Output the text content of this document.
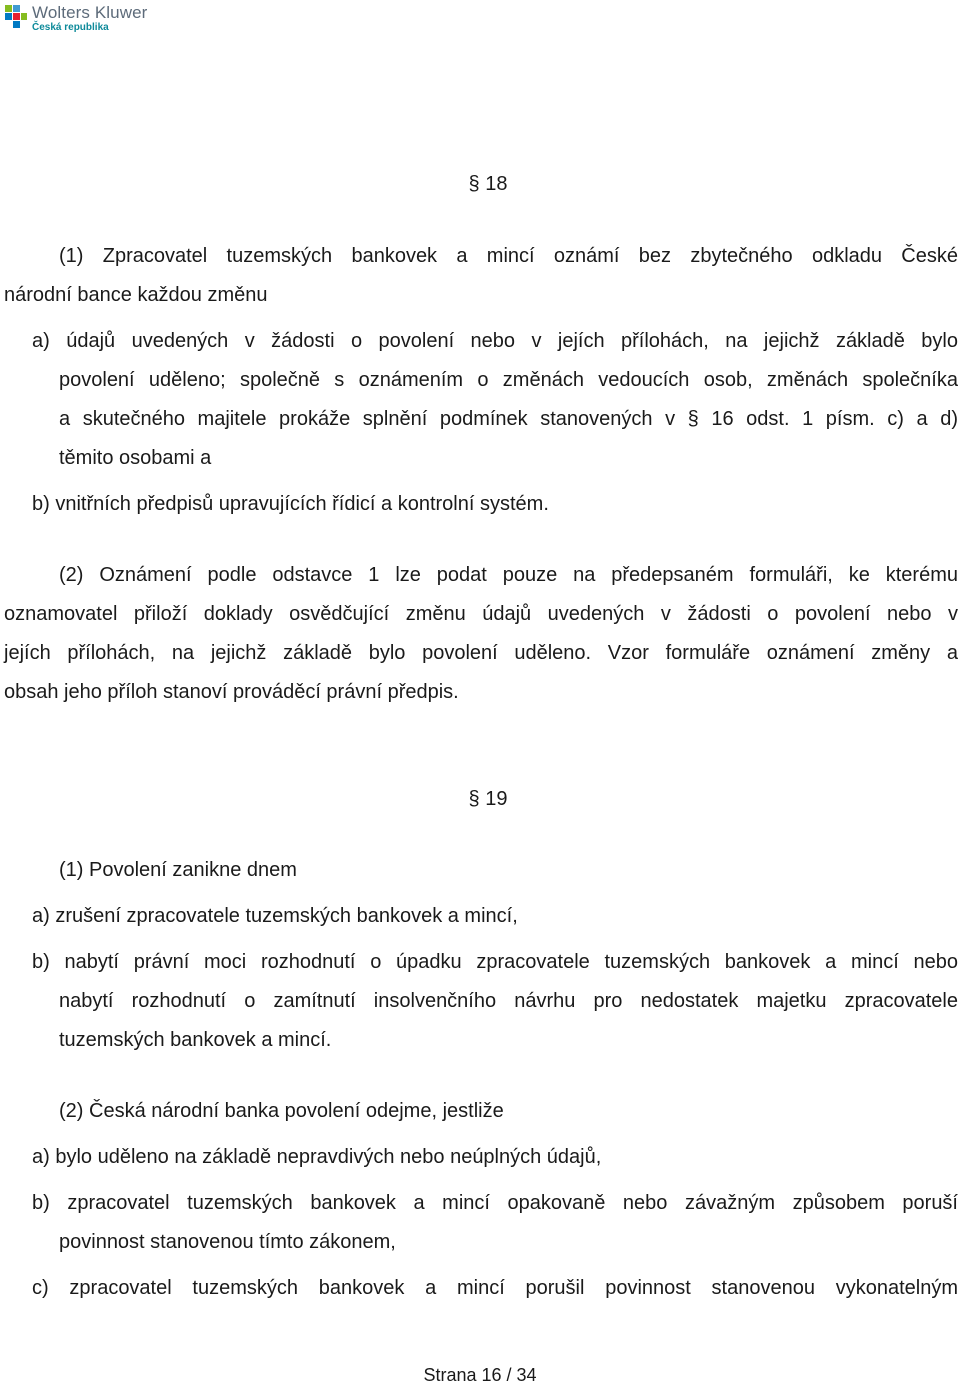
Wolters Kluwer
Česká republika
§ 18
(1) Zpracovatel tuzemských bankovek a mincí oznámí bez zbytečného odkladu České
národní bance každou změnu
a) údajů uvedených v žádosti o povolení nebo v jejích přílohách, na jejichž základě bylo
povolení uděleno; společně s oznámením o změnách vedoucích osob, změnách společníka
a skutečného majitele prokáže splnění podmínek stanovených v § 16 odst. 1 písm. c) a d)
těmito osobami a
b) vnitřních předpisů upravujících řídicí a kontrolní systém.
(2) Oznámení podle odstavce 1 lze podat pouze na předepsaném formuláři, ke kterému
oznamovatel přiloží doklady osvědčující změnu údajů uvedených v žádosti o povolení nebo v
jejích přílohách, na jejichž základě bylo povolení uděleno. Vzor formuláře oznámení změny a
obsah jeho příloh stanoví prováděcí právní předpis.
§ 19
(1) Povolení zanikne dnem
a) zrušení zpracovatele tuzemských bankovek a mincí,
b) nabytí právní moci rozhodnutí o úpadku zpracovatele tuzemských bankovek a mincí nebo
nabytí rozhodnutí o zamítnutí insolvenčního návrhu pro nedostatek majetku zpracovatele
tuzemských bankovek a mincí.
(2) Česká národní banka povolení odejme, jestliže
a) bylo uděleno na základě nepravdivých nebo neúplných údajů,
b) zpracovatel tuzemských bankovek a mincí opakovaně nebo závažným způsobem poruší
povinnost stanovenou tímto zákonem,
c) zpracovatel tuzemských bankovek a mincí porušil povinnost stanovenou vykonatelným
Strana 16 / 34
